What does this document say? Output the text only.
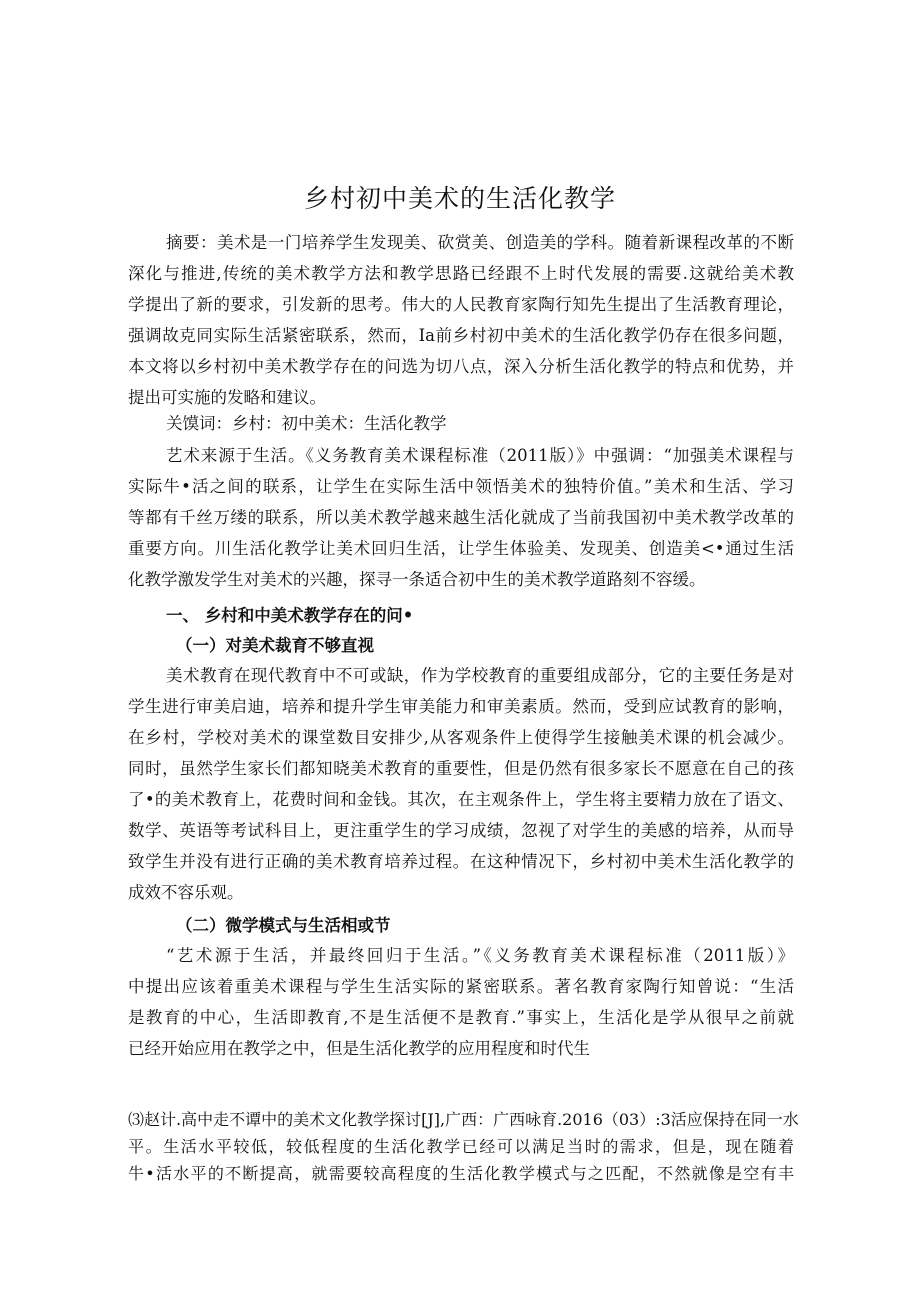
乡村初中美术的生活化教学
摘要：美术是一门培养学生发现美、砍赏美、创造美的学科。随着新课程改革的不断
深化与推进,传统的美术教学方法和教学思路已经跟不上时代发展的需要.这就给美术教
学提出了新的要求，引发新的思考。伟大的人民教育家陶行知先生提出了生活教育理论，
强调故克同实际生活紧密联系，然而，Ia前乡村初中美术的生活化教学仍存在很多问题，
本文将以乡村初中美术教学存在的问选为切八点，深入分析生活化教学的特点和优势，并
提出可实施的发略和建议。
关馍词：乡村：初中美术：生活化教学
艺术来源于生活。《义务教育美术课程标准（2011版）》中强调：“加强美术课程与
实际牛•活之间的联系，让学生在实际生活中领悟美术的独特价值。”美术和生活、学习
等都有千丝万缕的联系，所以美术教学越来越生活化就成了当前我国初中美术教学改革的
重要方向。川生活化教学让美术回归生活，让学生体验美、发现美、创造美<•通过生活
化教学激发学生对美术的兴趣，探寻一条适合初中生的美术教学道路刻不容缓。
一、 乡村和中美术教学存在的问•
（一）对美术裁育不够直视
美术教育在现代教育中不可或缺，作为学校教育的重要组成部分，它的主要任务是对
学生进行审美启迪，培养和提升学生审美能力和审美素质。然而，受到应试教育的影响，
在乡村，学校对美术的课堂数目安排少,从客观条件上使得学生接触美术课的机会减少。
同时，虽然学生家长们都知晓美术教育的重要性，但是仍然有很多家长不愿意在自己的孩
了•的美术教育上，花费时间和金钱。其次，在主观条件上，学生将主要精力放在了语文、
数学、英语等考试科目上，更注重学生的学习成绩，忽视了对学生的美感的培养，从而导
致学生并没有进行正确的美术教育培养过程。在这种情况下，乡村初中美术生活化教学的
成效不容乐观。
（二）微学模式与生活相或节
“艺术源于生活，并最终回归于生活。”《义务教育美术课程标准（2011版）》
中提出应该着重美术课程与学生生活实际的紧密联系。著名教育家陶行知曾说：“生活
是教育的中心，生活即教育,不是生活便不是教育.”事实上，生活化是学从很早之前就
已经开始应用在教学之中，但是生活化教学的应用程度和时代生
⑶赵计.高中走不谭中的美术文化教学探讨[J],广西：广西咏育.2016（03）:3活应保持在同一水
平。生活水平较低，较低程度的生活化教学已经可以满足当时的需求，但是，现在随着
牛•活水平的不断提高，就需要较高程度的生活化教学模式与之匹配，不然就像是空有丰
